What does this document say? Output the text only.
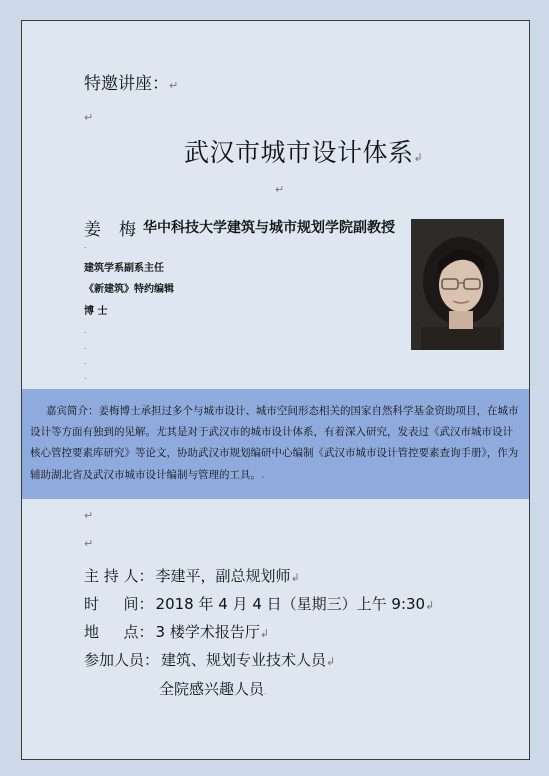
特邀讲座：↵
↵
武汉市城市设计体系↲
↵
姜 梅 华中科技大学建筑与城市规划学院副教授
.
建筑学系副系主任
《新建筑》特约编辑
博 士
.
.
.
.
嘉宾简介：姜梅博士承担过多个与城市设计、城市空间形态相关的国家自然科学基金资助项目，在城市设计等方面有独到的见解。尤其是对于武汉市的城市设计体系，有着深入研究，发表过《武汉市城市设计核心管控要素库研究》等论文，协助武汉市规划编研中心编制《武汉市城市设计管控要素查询手册》，作为辅助湖北省及武汉市城市设计编制与管理的工具。.
↵
↵
主 持 人： 李建平，副总规划师↲
时 　 间： 2018 年 4 月 4 日（星期三）上午 9:30↲
地 　 点： 3 楼学术报告厅↲
参加人员： 建筑、规划专业技术人员↲
全院感兴趣人员.
